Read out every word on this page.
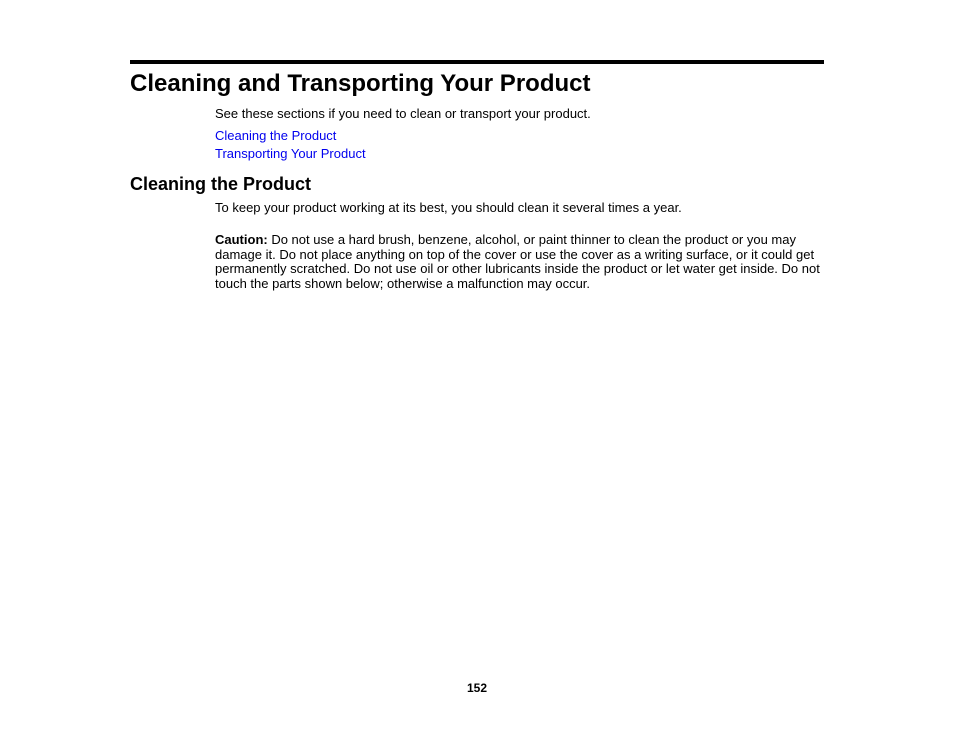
Cleaning and Transporting Your Product

See these sections if you need to clean or transport your product.

Cleaning the Product
Transporting Your Product
Cleaning the Product

To keep your product working at its best, you should clean it several times a year.

Caution: Do not use a hard brush, benzene, alcohol, or paint thinner to clean the product or you may damage it. Do not place anything on top of the cover or use the cover as a writing surface, or it could get permanently scratched. Do not use oil or other lubricants inside the product or let water get inside. Do not touch the parts shown below; otherwise a malfunction may occur.

152
